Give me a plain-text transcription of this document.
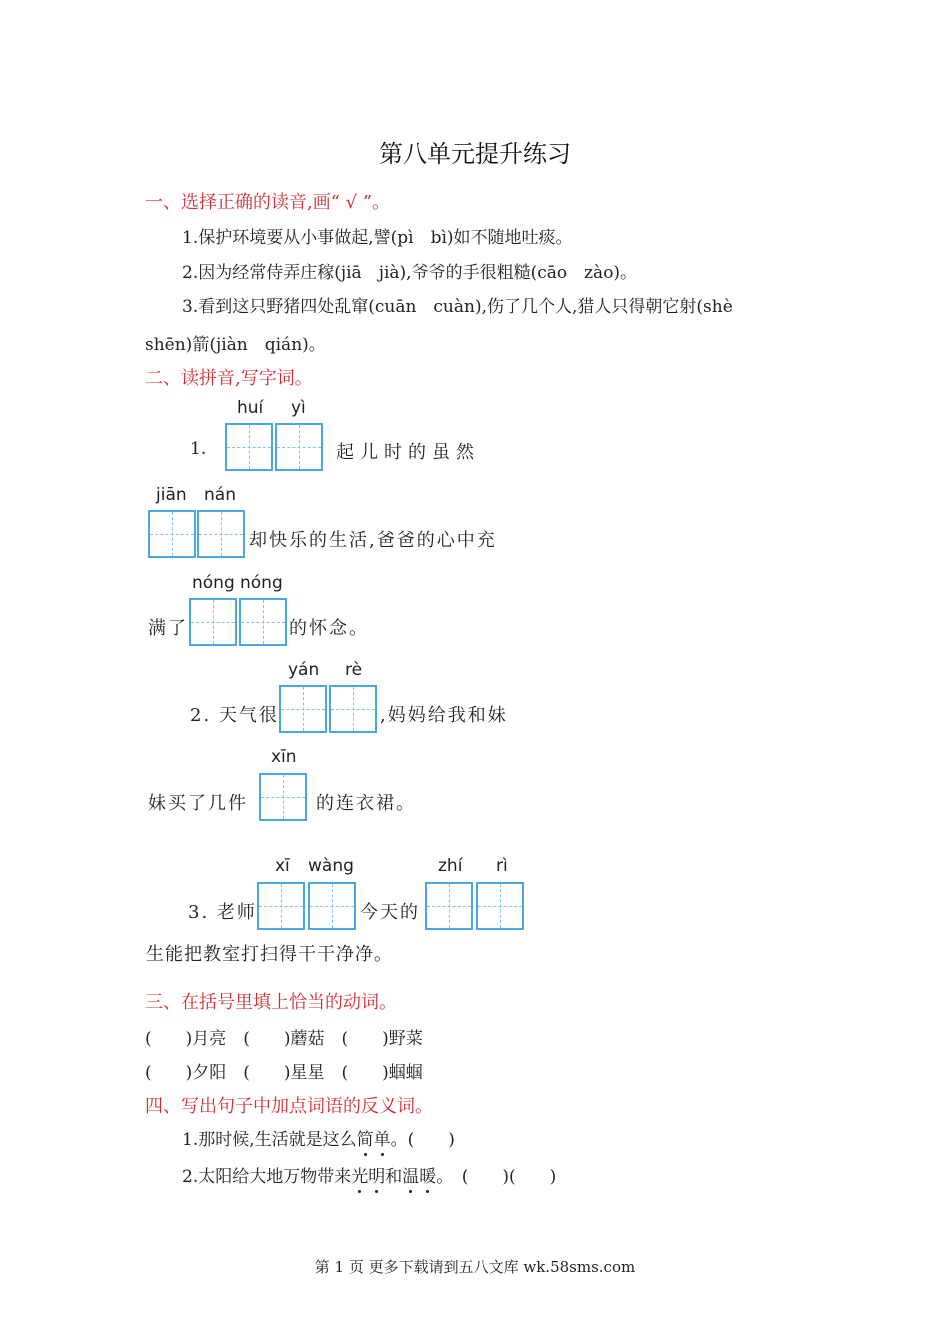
第八单元提升练习
一、选择正确的读音,画“ √ ”。
1.保护环境要从小事做起,譬(pì　bì)如不随地吐痰。
2.因为经常侍弄庄稼(jiā　jià),爷爷的手很粗糙(cāo　zào)。
3.看到这只野猪四处乱窜(cuān　cuàn),伤了几个人,猎人只得朝它射(shè
shēn)箭(jiàn　qián)。
二、读拼音,写字词。
huí yì
1.	起儿时的虽然
jiān nán
却快乐的生活,爸爸的心中充
nóng nóng
满了	的怀念。
yán rè
2. 天气很	,妈妈给我和妹
xīn
妹买了几件	的连衣裙。
xī wàng	zhí rì
3. 老师	今天的
生能把教室打扫得干干净净。
三、在括号里填上恰当的动词。
(　　)月亮　(　　)蘑菇　(　　)野菜
(　　)夕阳　(　　)星星　(　　)蝈蝈
四、写出句子中加点词语的反义词。
1.那时候,生活就是这么简单。(　　)
2.太阳给大地万物带来光明和温暖。　(　　)(　　)
第 1 页 更多下载请到五八文库 wk.58sms.com
